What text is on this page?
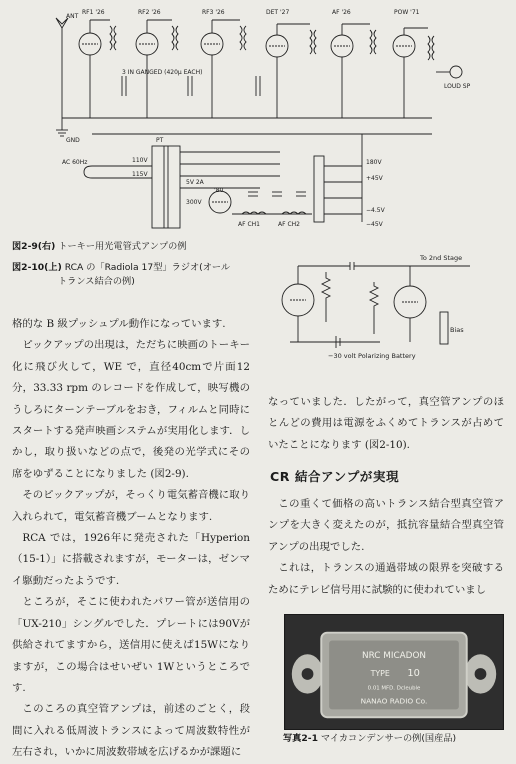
ANT
RF1 '26	RF2 '26	RF3 '26	DET '27	AF '26	POW '71
LOUD SP
3 IN GANGED (420μ EACH)
GND
AC 60Hz	110V
115V
PT
5V 2A
300V
'80
AF CH1	AF CH2
180V
+45V
−4.5V
−45V
To 2nd Stage
−30 volt Polarizing Battery
Bias
図2-9(右) トーキー用光電管式アンプの例
図2-10(上) RCA の「Radiola 17型」ラジオ(オール
トランス結合の例)

格的な B 級プッシュプル動作になっています.

ピックアップの出現は，ただちに映画のトーキー化に飛び火して，WE で，直径40cmで片面12分，33.33 rpm のレコードを作成して，映写機のうしろにターンテーブルをおき，フィルムと同時にスタートする発声映画システムが実用化します．しかし，取り扱いなどの点で，後発の光学式にその席をゆずることになりました (図2-9).

そのピックアップが，そっくり電気蓄音機に取り入れられて，電気蓄音機ブームとなります.

RCA では，1926年に発売された「Hyperion（15-1）」に搭載されますが，モーターは，ゼンマイ駆動だったようです.

ところが，そこに使われたパワー管が送信用の「UX-210」シングルでした．プレートには90Vが供給されてますから，送信用に使えば15Wになりますが，この場合はせいぜい 1Wというところです.

このころの真空管アンプは，前述のごとく，段間に入れる低周波トランスによって周波数特性が左右され，いかに周波数帯域を広げるかが課題に

なっていました．したがって，真空管アンプのほとんどの費用は電源をふくめてトランスが占めていたことになります (図2-10).

CR 結合アンプが実現

この重くて価格の高いトランス結合型真空管アンプを大きく変えたのが，抵抗容量結合型真空管アンプの出現でした.

これは，トランスの通過帯域の限界を突破するためにテレビ信号用に試験的に使われていまし

NRC MICADON
TYPE 10
0.01 MFD. Dcleuble
NANAO RADIO Co.
写真2-1 マイカコンデンサーの例(国産品)
